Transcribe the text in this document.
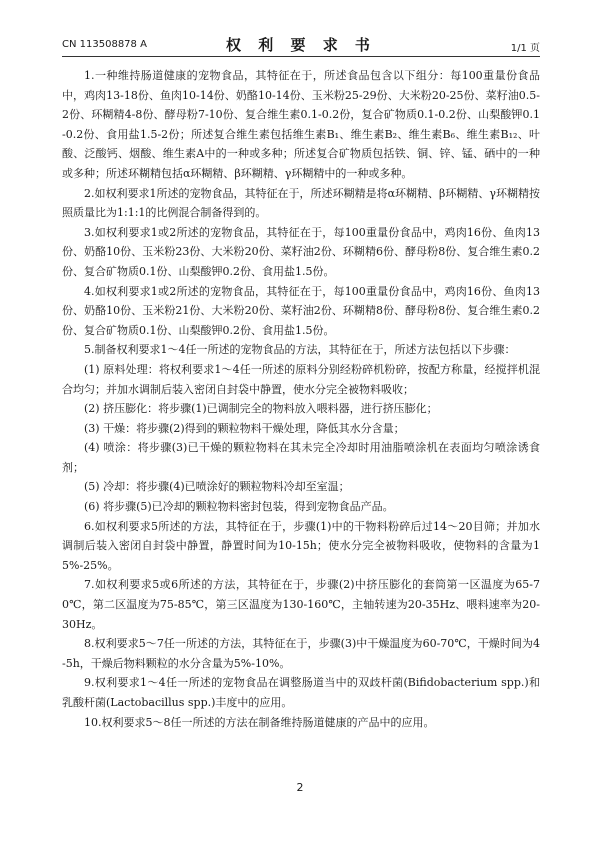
CN 113508878 A	权 利 要 求 书	1/1 页

1.一种维持肠道健康的宠物食品，其特征在于，所述食品包含以下组分：每100重量份食品中，鸡肉13-18份、鱼肉10-14份、奶酪10-14份、玉米粉25-29份、大米粉20-25份、菜籽油0.5-2份、环糊精4-8份、酵母粉7-10份、复合维生素0.1-0.2份，复合矿物质0.1-0.2份、山梨酸钾0.1-0.2份、食用盐1.5-2份；所述复合维生素包括维生素B₁、维生素B₂、维生素B₆、维生素B₁₂、叶酸、泛酸钙、烟酸、维生素A中的一种或多种；所述复合矿物质包括铁、铜、锌、锰、硒中的一种或多种；所述环糊精包括α环糊精、β环糊精、γ环糊精中的一种或多种。

2.如权利要求1所述的宠物食品，其特征在于，所述环糊精是将α环糊精、β环糊精、γ环糊精按照质量比为1:1:1的比例混合制备得到的。

3.如权利要求1或2所述的宠物食品，其特征在于，每100重量份食品中，鸡肉16份、鱼肉13份、奶酪10份、玉米粉23份、大米粉20份、菜籽油2份、环糊精6份、酵母粉8份、复合维生素0.2份、复合矿物质0.1份、山梨酸钾0.2份、食用盐1.5份。

4.如权利要求1或2所述的宠物食品，其特征在于，每100重量份食品中，鸡肉16份、鱼肉13份、奶酪10份、玉米粉21份、大米粉20份、菜籽油2份、环糊精8份、酵母粉8份、复合维生素0.2份、复合矿物质0.1份、山梨酸钾0.2份、食用盐1.5份。

5.制备权利要求1～4任一所述的宠物食品的方法，其特征在于，所述方法包括以下步骤：

(1) 原料处理：将权利要求1～4任一所述的原料分别经粉碎机粉碎，按配方称量，经搅拌机混合均匀；并加水调制后装入密闭自封袋中静置，使水分完全被物料吸收；

(2) 挤压膨化：将步骤(1)已调制完全的物料放入喂料器，进行挤压膨化；

(3) 干燥：将步骤(2)得到的颗粒物料干燥处理，降低其水分含量；

(4) 喷涂：将步骤(3)已干燥的颗粒物料在其未完全冷却时用油脂喷涂机在表面均匀喷涂诱食剂；

(5) 冷却：将步骤(4)已喷涂好的颗粒物料冷却至室温；

(6) 将步骤(5)已冷却的颗粒物料密封包装，得到宠物食品产品。

6.如权利要求5所述的方法，其特征在于，步骤(1)中的干物料粉碎后过14～20目筛；并加水调制后装入密闭自封袋中静置，静置时间为10-15h；使水分完全被物料吸收，使物料的含量为15%-25%。

7.如权利要求5或6所述的方法，其特征在于，步骤(2)中挤压膨化的套筒第一区温度为65-70℃，第二区温度为75-85℃，第三区温度为130-160℃，主轴转速为20-35Hz、喂料速率为20-30Hz。

8.权利要求5～7任一所述的方法，其特征在于，步骤(3)中干燥温度为60-70℃，干燥时间为4-5h，干燥后物料颗粒的水分含量为5%-10%。

9.权利要求1～4任一所述的宠物食品在调整肠道当中的双歧杆菌(Bifidobacterium spp.)和乳酸杆菌(Lactobacillus spp.)丰度中的应用。

10.权利要求5～8任一所述的方法在制备维持肠道健康的产品中的应用。

2
